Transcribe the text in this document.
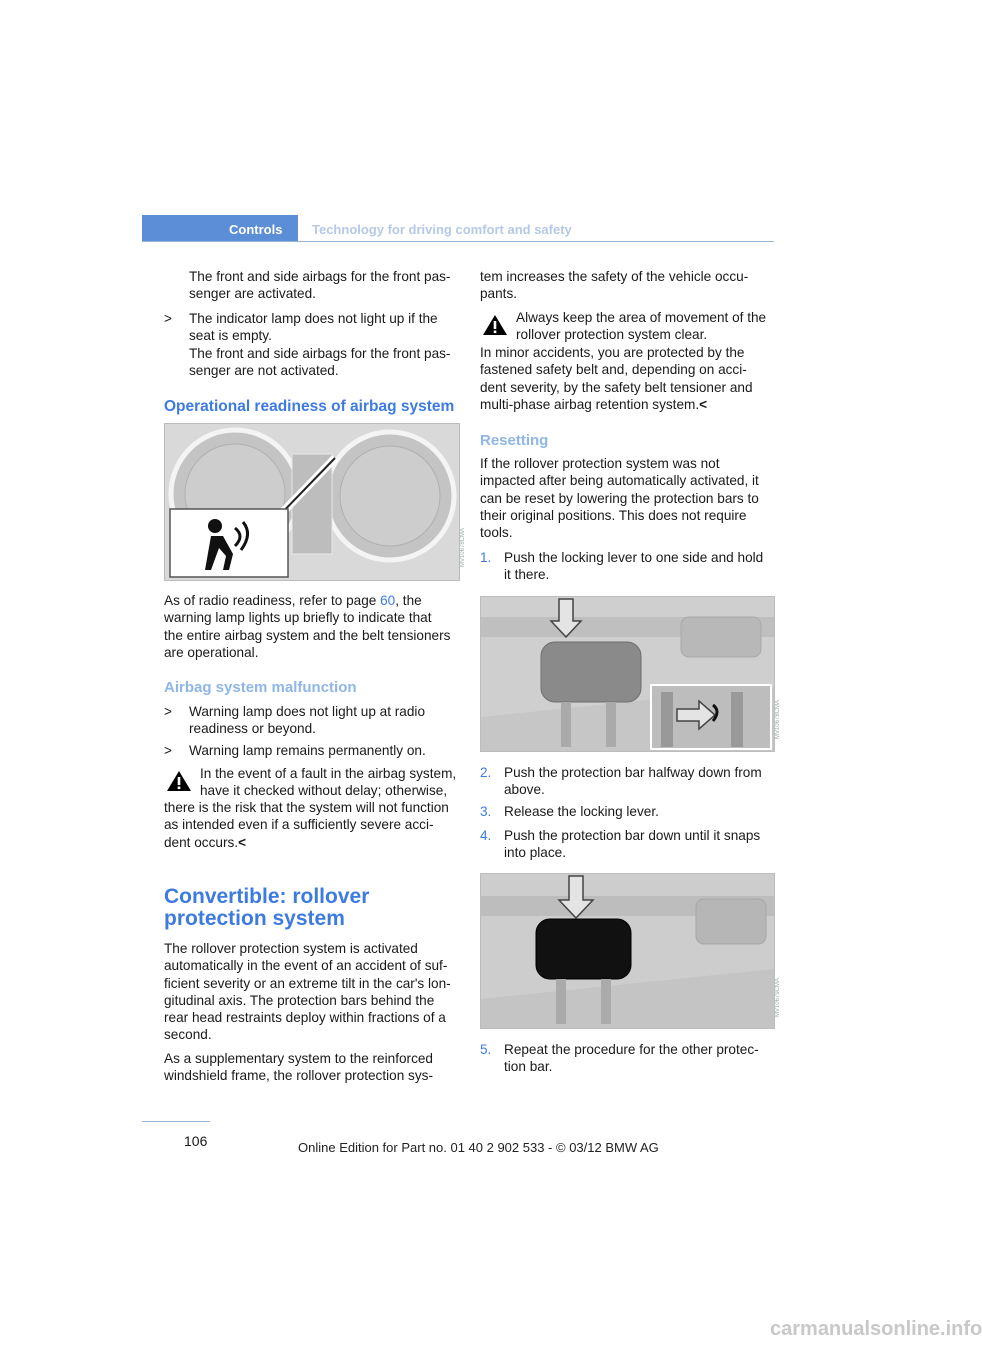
Controls Technology for driving comfort and safety
The front and side airbags for the front pas-
senger are activated.
> The indicator lamp does not light up if the
seat is empty.
The front and side airbags for the front pas-
senger are not activated.
Operational readiness of airbag system
MV10678CMA
As of radio readiness, refer to page 60, the
warning lamp lights up briefly to indicate that
the entire airbag system and the belt tensioners
are operational.
Airbag system malfunction
> Warning lamp does not light up at radio
readiness or beyond.
> Warning lamp remains permanently on.
In the event of a fault in the airbag system,
have it checked without delay; otherwise,
there is the risk that the system will not function
as intended even if a sufficiently severe acci-
dent occurs.<
Convertible: rollover
protection system
The rollover protection system is activated
automatically in the event of an accident of suf-
ficient severity or an extreme tilt in the car's lon-
gitudinal axis. The protection bars behind the
rear head restraints deploy within fractions of a
second.
As a supplementary system to the reinforced
windshield frame, the rollover protection sys-
tem increases the safety of the vehicle occu-
pants.
Always keep the area of movement of the
rollover protection system clear.
In minor accidents, you are protected by the
fastened safety belt and, depending on acci-
dent severity, by the safety belt tensioner and
multi-phase airbag retention system.<
Resetting
If the rollover protection system was not
impacted after being automatically activated, it
can be reset by lowering the protection bars to
their original positions. This does not require
tools.
1. Push the locking lever to one side and hold
it there.
MV10678CMA
2. Push the protection bar halfway down from
above.
3. Release the locking lever.
4. Push the protection bar down until it snaps
into place.
MV10679CMA
5. Repeat the procedure for the other protec-
tion bar.
106	Online Edition for Part no. 01 40 2 902 533 - © 03/12 BMW AG
carmanualsonline.info
